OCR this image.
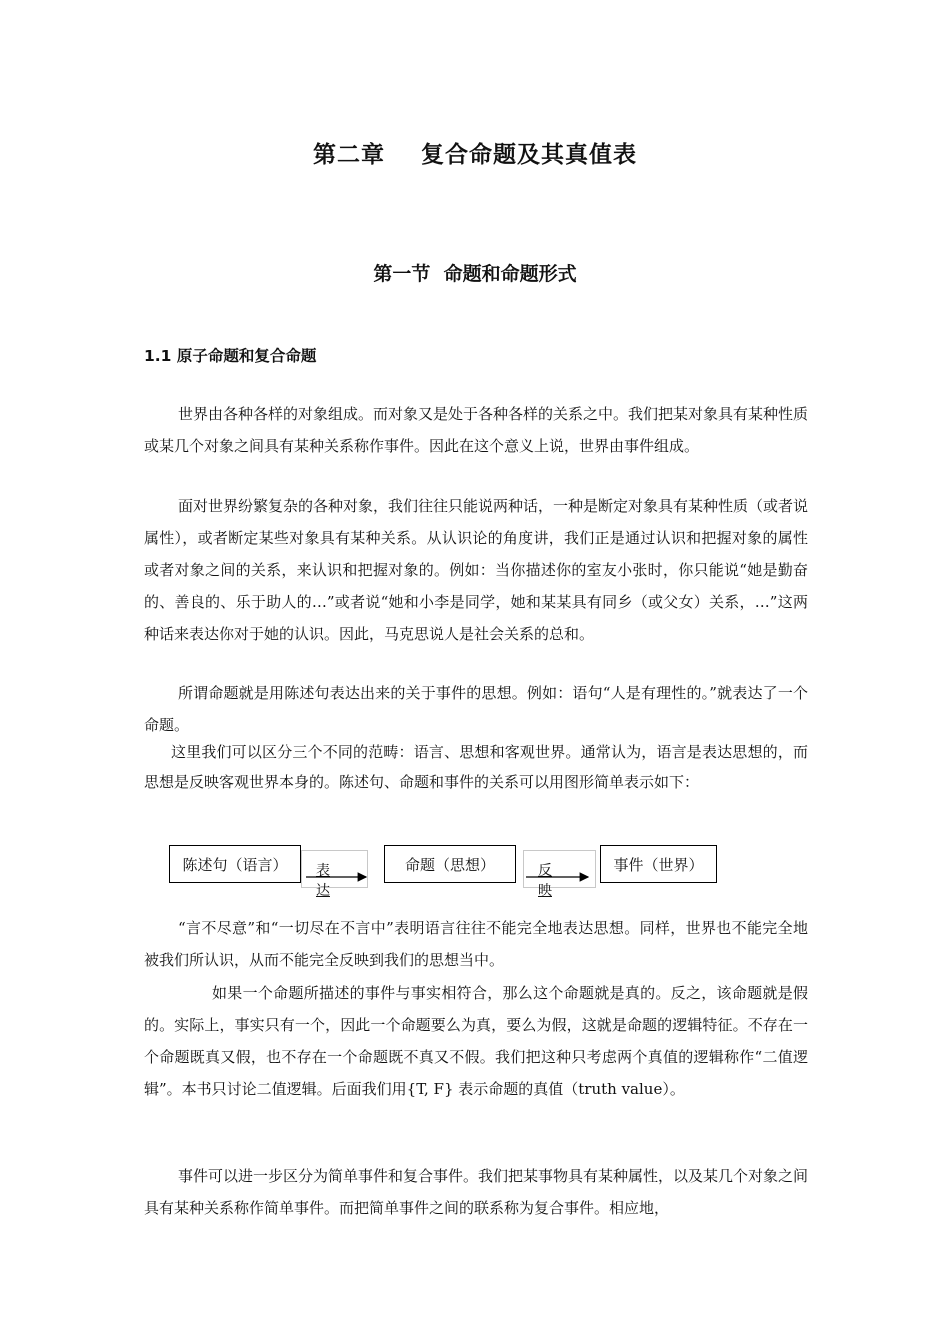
第二章    复合命题及其真值表
第一节  命题和命题形式
1.1 原子命题和复合命题

世界由各种各样的对象组成。而对象又是处于各种各样的关系之中。我们把某对象具有某种性质或某几个对象之间具有某种关系称作事件。因此在这个意义上说，世界由事件组成。

面对世界纷繁复杂的各种对象，我们往往只能说两种话，一种是断定对象具有某种性质（或者说属性），或者断定某些对象具有某种关系。从认识论的角度讲，我们正是通过认识和把握对象的属性或者对象之间的关系，来认识和把握对象的。例如：当你描述你的室友小张时，你只能说“她是勤奋的、善良的、乐于助人的…”或者说“她和小李是同学，她和某某具有同乡（或父女）关系，…”这两种话来表达你对于她的认识。因此，马克思说人是社会关系的总和。

所谓命题就是用陈述句表达出来的关于事件的思想。例如：语句“人是有理性的。”就表达了一个命题。

这里我们可以区分三个不同的范畴：语言、思想和客观世界。通常认为，语言是表达思想的，而思想是反映客观世界本身的。陈述句、命题和事件的关系可以用图形简单表示如下：

陈述句（语言）	表达
命题（思想）	反映
事件（世界）

“言不尽意”和“一切尽在不言中”表明语言往往不能完全地表达思想。同样，世界也不能完全地被我们所认识，从而不能完全反映到我们的思想当中。

如果一个命题所描述的事件与事实相符合，那么这个命题就是真的。反之，该命题就是假的。实际上，事实只有一个，因此一个命题要么为真，要么为假，这就是命题的逻辑特征。不存在一个命题既真又假，也不存在一个命题既不真又不假。我们把这种只考虑两个真值的逻辑称作“二值逻辑”。本书只讨论二值逻辑。后面我们用{T, F} 表示命题的真值（truth value）。

事件可以进一步区分为简单事件和复合事件。我们把某事物具有某种属性，以及某几个对象之间具有某种关系称作简单事件。而把简单事件之间的联系称为复合事件。相应地，
